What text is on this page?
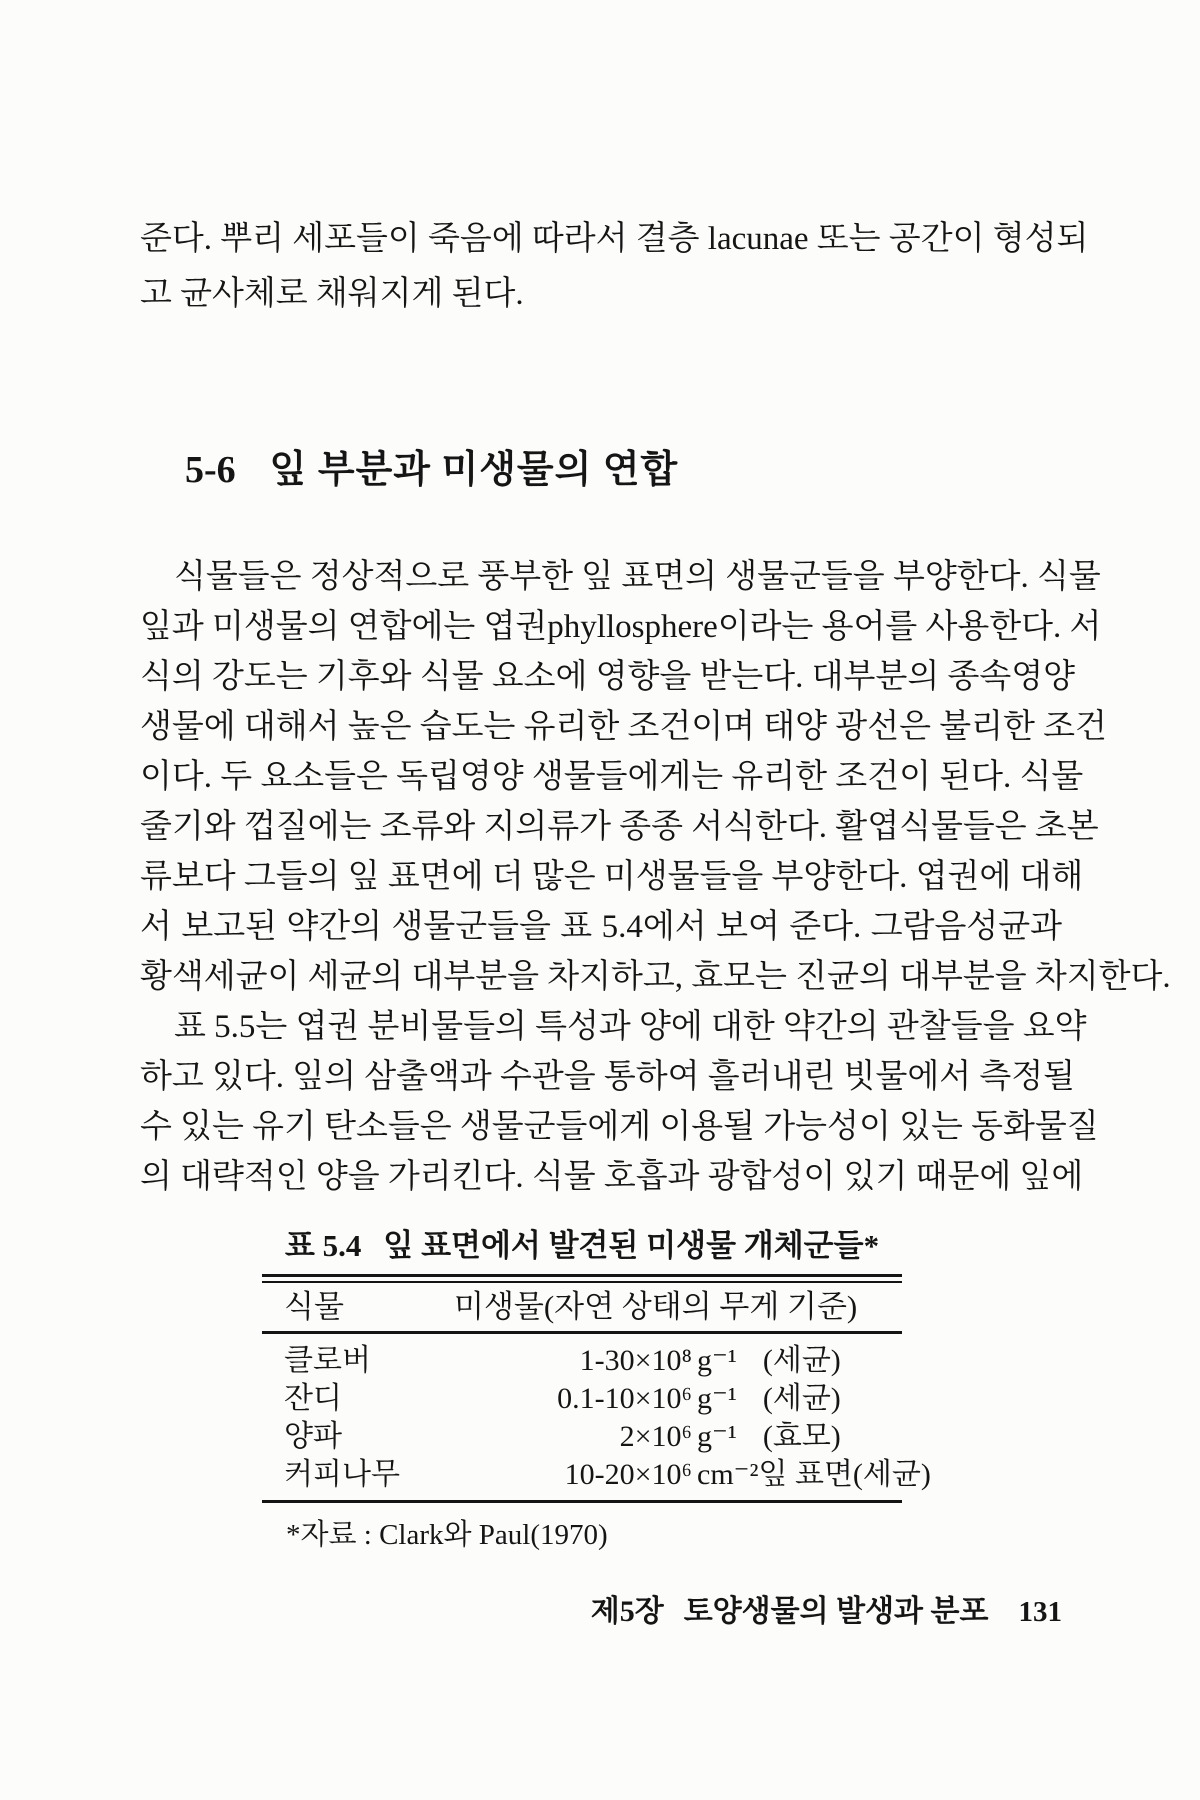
준다. 뿌리 세포들이 죽음에 따라서 결층 lacunae 또는 공간이 형성되
고 균사체로 채워지게 된다.
5-6 잎 부분과 미생물의 연합
식물들은 정상적으로 풍부한 잎 표면의 생물군들을 부양한다. 식물
잎과 미생물의 연합에는 엽권phyllosphere이라는 용어를 사용한다. 서
식의 강도는 기후와 식물 요소에 영향을 받는다. 대부분의 종속영양
생물에 대해서 높은 습도는 유리한 조건이며 태양 광선은 불리한 조건
이다. 두 요소들은 독립영양 생물들에게는 유리한 조건이 된다. 식물
줄기와 껍질에는 조류와 지의류가 종종 서식한다. 활엽식물들은 초본
류보다 그들의 잎 표면에 더 많은 미생물들을 부양한다. 엽권에 대해
서 보고된 약간의 생물군들을 표 5.4에서 보여 준다. 그람음성균과
황색세균이 세균의 대부분을 차지하고, 효모는 진균의 대부분을 차지한다.
표 5.5는 엽권 분비물들의 특성과 양에 대한 약간의 관찰들을 요약
하고 있다. 잎의 삼출액과 수관을 통하여 흘러내린 빗물에서 측정될
수 있는 유기 탄소들은 생물군들에게 이용될 가능성이 있는 동화물질
의 대략적인 양을 가리킨다. 식물 호흡과 광합성이 있기 때문에 잎에
표 5.4 잎 표면에서 발견된 미생물 개체군들*
식물	미생물(자연 상태의 무게 기준)
클로버	1-30×10⁸ g⁻¹ (세균)
잔디	0.1-10×10⁶ g⁻¹ (세균)
양파	2×10⁶ g⁻¹ (효모)
커피나무	10-20×10⁶ cm⁻²잎 표면 (세균)
*자료 : Clark와 Paul(1970)
제5장 토양생물의 발생과 분포 131
